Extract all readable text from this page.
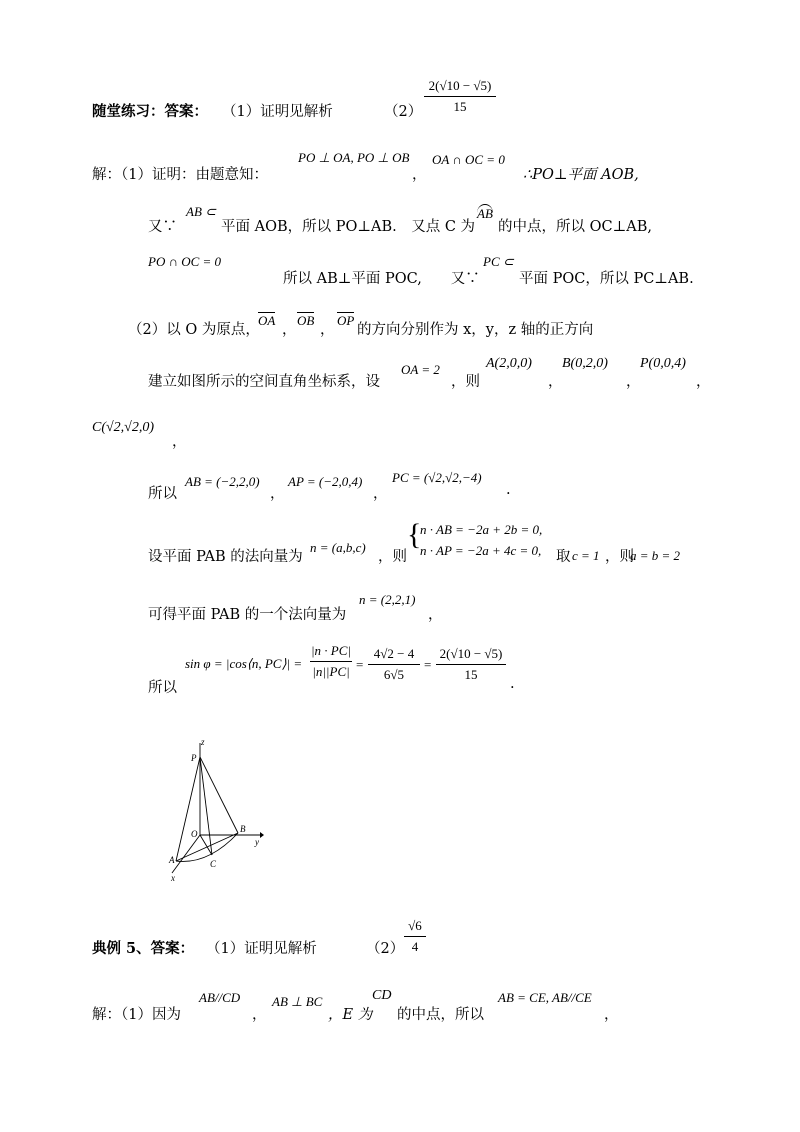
随堂练习：答案： （1）证明见解析	（2）
2(√10 − √5)
15
解：（1）证明：由题意知：
PO ⊥ OA, PO ⊥ OB
，
OA ∩ OC = 0
∴PO⊥平面 AOB,
又∵
AB ⊂
平面 AOB，所以 PO⊥AB.　又点 C 为
AB
的中点，所以 OC⊥AB,
PO ∩ OC = 0
所以 AB⊥平面 POC,　　又∵
PC ⊂
平面 POC，所以 PC⊥AB.
（2）以 O 为原点，
OA
，
OB
，
OP
的方向分别作为 x，y，z 轴的正方向
建立如图所示的空间直角坐标系，设
OA = 2
，则
A(2,0,0)
，
B(0,2,0)
，
P(0,0,4)
，
C(√2,√2,0)
，
所以
AB = (−2,2,0)
，
AP = (−2,0,4)
，
PC = (√2,√2,−4)
.
设平面 PAB 的法向量为
n = (a,b,c)
，则
{
n · AB = −2a + 2b = 0,
n · AP = −2a + 4c = 0, 取 c = 1 ，则
a = b = 2
可得平面 PAB 的一个法向量为
n = (2,2,1)
，
所以
sin φ = |cos⟨n, PC⟩| =
|n · PC|
|n||PC| =
4√2 − 4
6√5
=
2(√10 − √5)
15
.
z
P
O	B
y
A	C
x
典例 5、答案： （1）证明见解析	（2）
√6
4
解：（1）因为
AB//CD
，
AB ⊥ BC
，E 为
CD
的中点，所以
AB = CE, AB//CE
，
